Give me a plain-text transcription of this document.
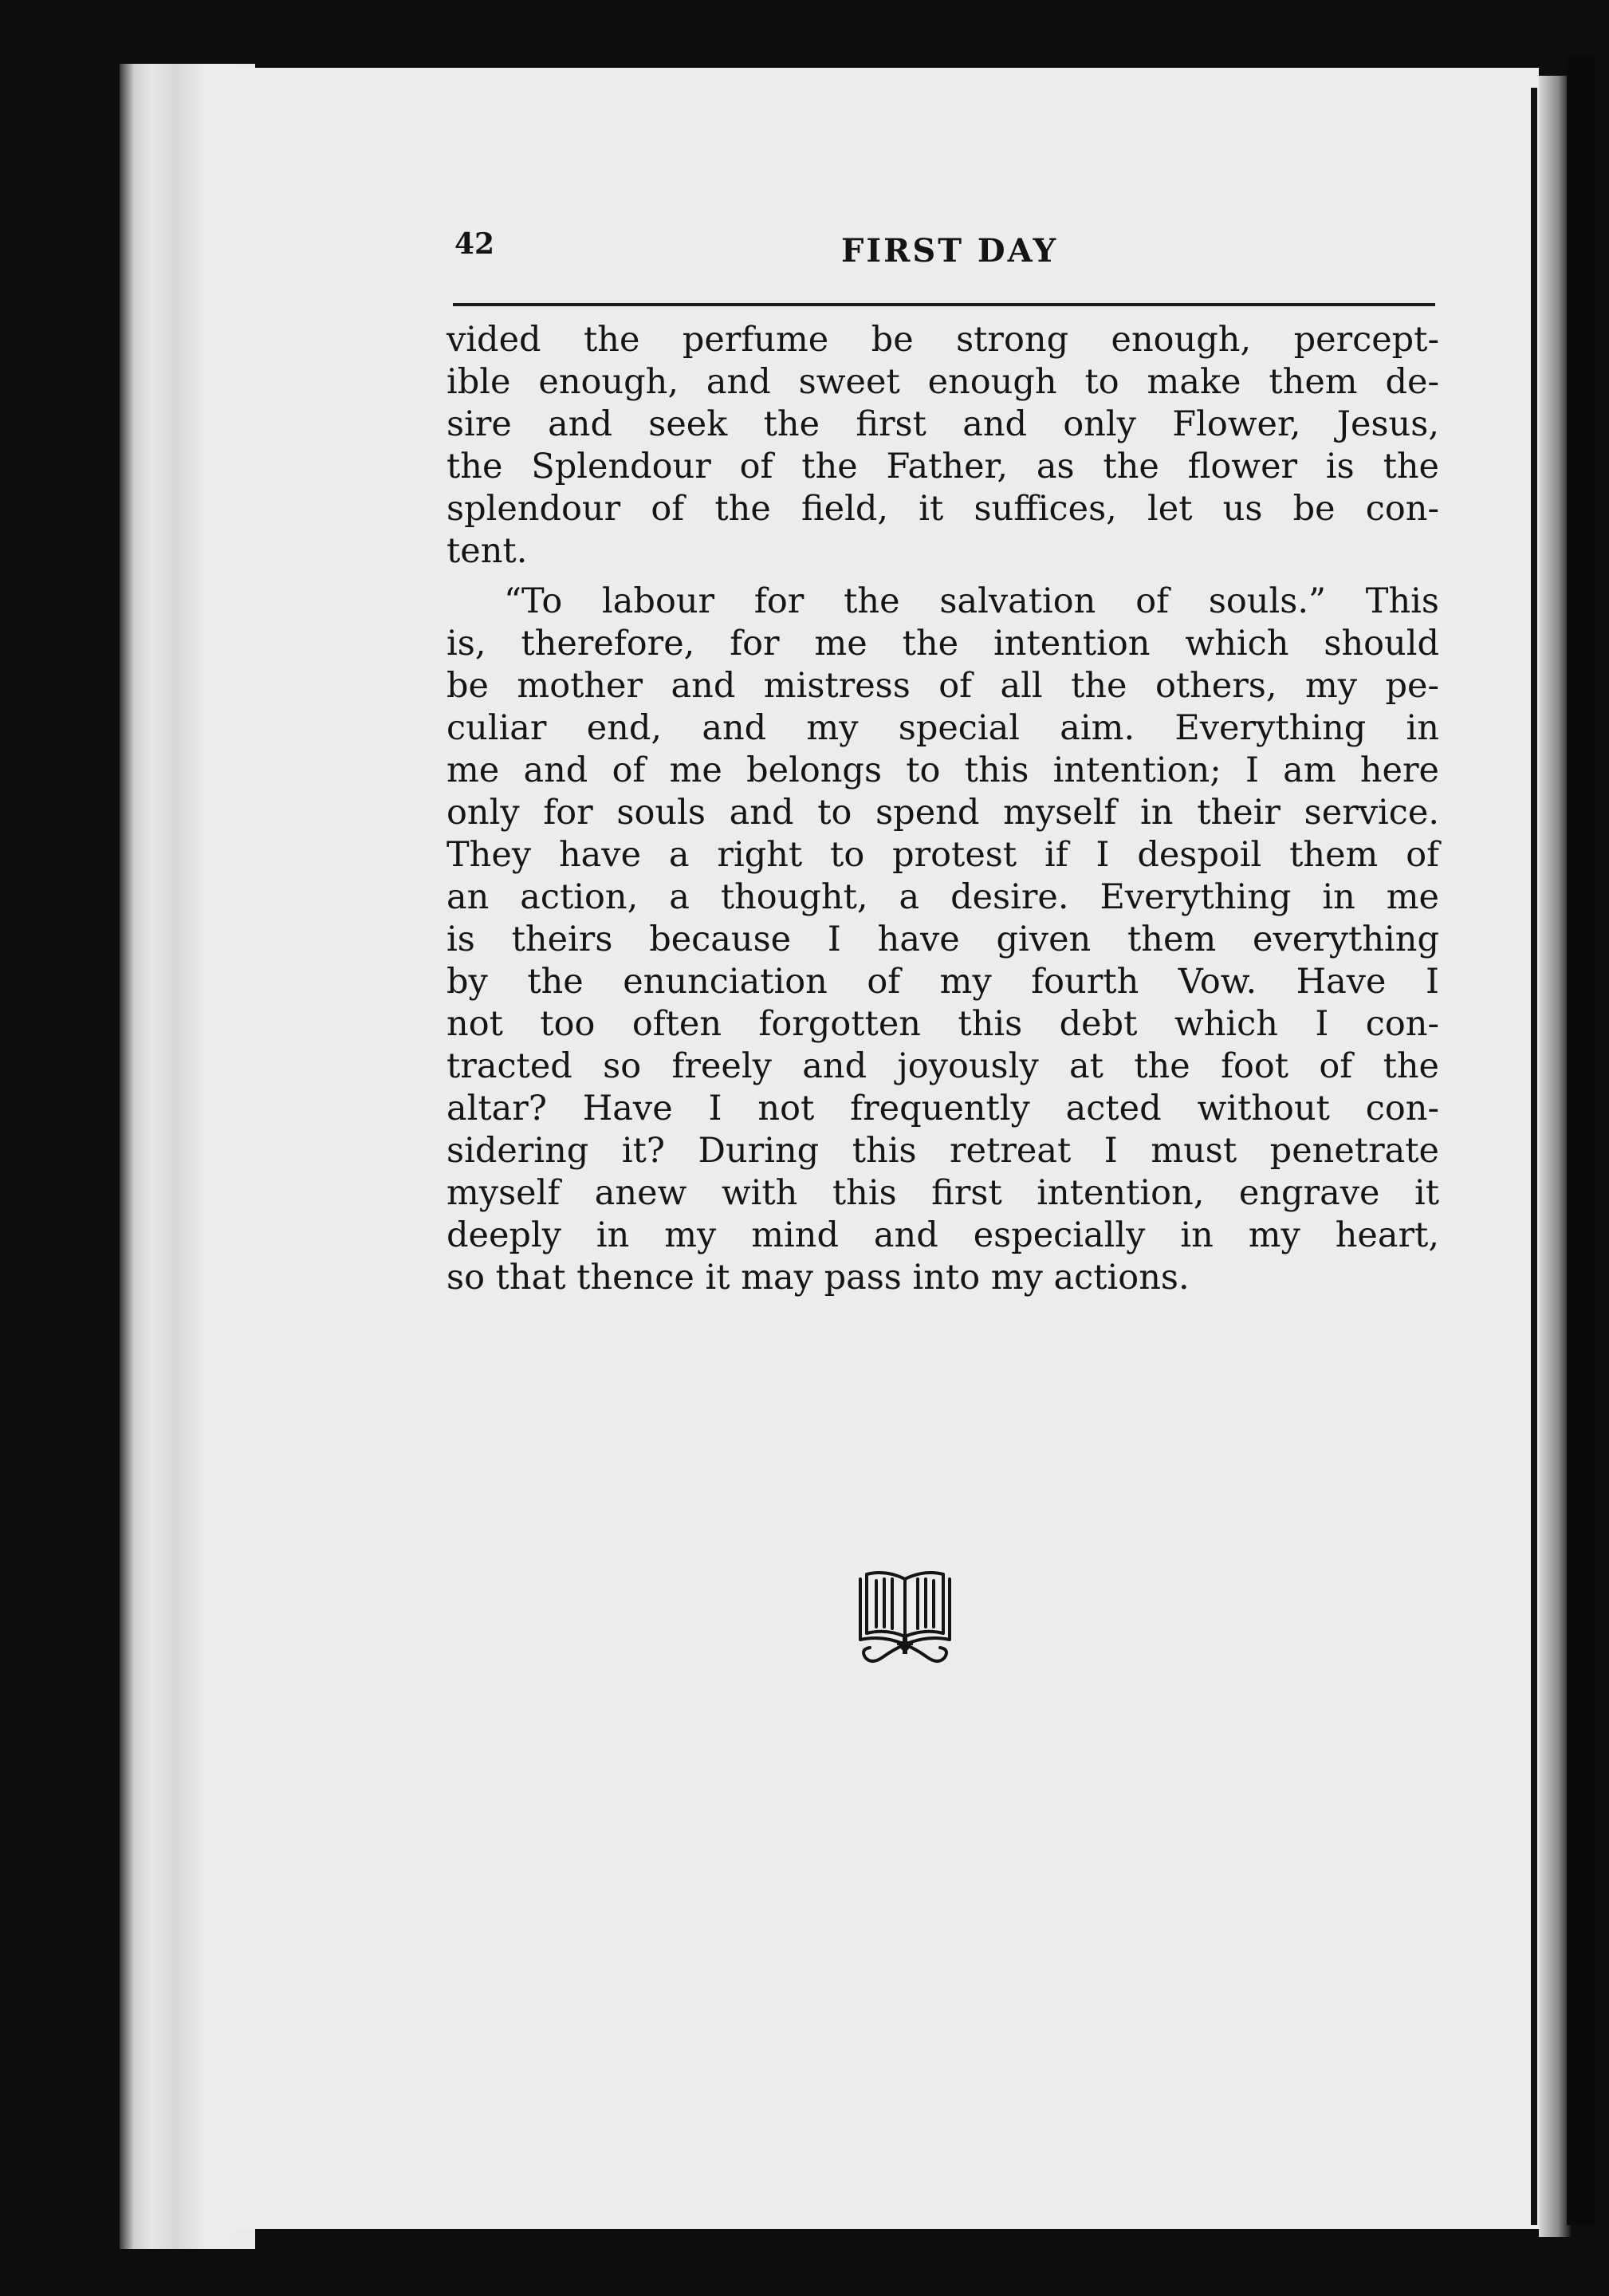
42	FIRST DAY
vided the perfume be strong enough, percept-
ible enough, and sweet enough to make them de-
sire and seek the first and only Flower, Jesus,
the Splendour of the Father, as the flower is the
splendour of the field, it suffices, let us be con-
tent.
“To labour for the salvation of souls.” This
is, therefore, for me the intention which should
be mother and mistress of all the others, my pe-
culiar end, and my special aim. Everything in
me and of me belongs to this intention; I am here
only for souls and to spend myself in their service.
They have a right to protest if I despoil them of
an action, a thought, a desire. Everything in me
is theirs because I have given them everything
by the enunciation of my fourth Vow. Have I
not too often forgotten this debt which I con-
tracted so freely and joyously at the foot of the
altar? Have I not frequently acted without con-
sidering it? During this retreat I must penetrate
myself anew with this first intention, engrave it
deeply in my mind and especially in my heart,
so that thence it may pass into my actions.
